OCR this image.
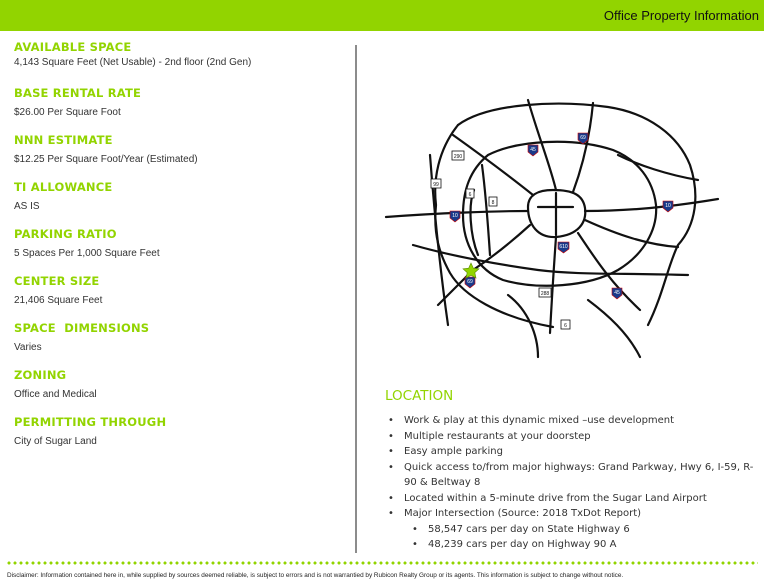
Office Property Information
AVAILABLE SPACE
4,143 Square Feet (Net Usable) - 2nd floor (2nd Gen)
BASE RENTAL RATE
$26.00 Per Square Foot
NNN ESTIMATE
$12.25 Per Square Foot/Year (Estimated)
TI ALLOWANCE
AS IS
PARKING RATIO
5 Spaces Per 1,000 Square Feet
CENTER SIZE
21,406 Square Feet
SPACE  DIMENSIONS
Varies
ZONING
Office and Medical
PERMITTING THROUGH
City of Sugar Land
290
45
69
99
6
8
10
10
610
69
288	45
6
LOCATION
• Work & play at this dynamic mixed –use development
• Multiple restaurants at your doorstep
• Easy ample parking
• Quick access to/from major highways: Grand Parkway, Hwy 6, I-59, R-90 & Beltway 8
• Located within a 5-minute drive from the Sugar Land Airport
• Major Intersection (Source: 2018 TxDot Report)
• 58,547 cars per day on State Highway 6
• 48,239 cars per day on Highway 90 A
Disclaimer: Information contained here in, while supplied by sources deemed reliable, is subject to errors and is not warrantied by Rubicon Realty Group or its agents. This information is subject to change without notice.
